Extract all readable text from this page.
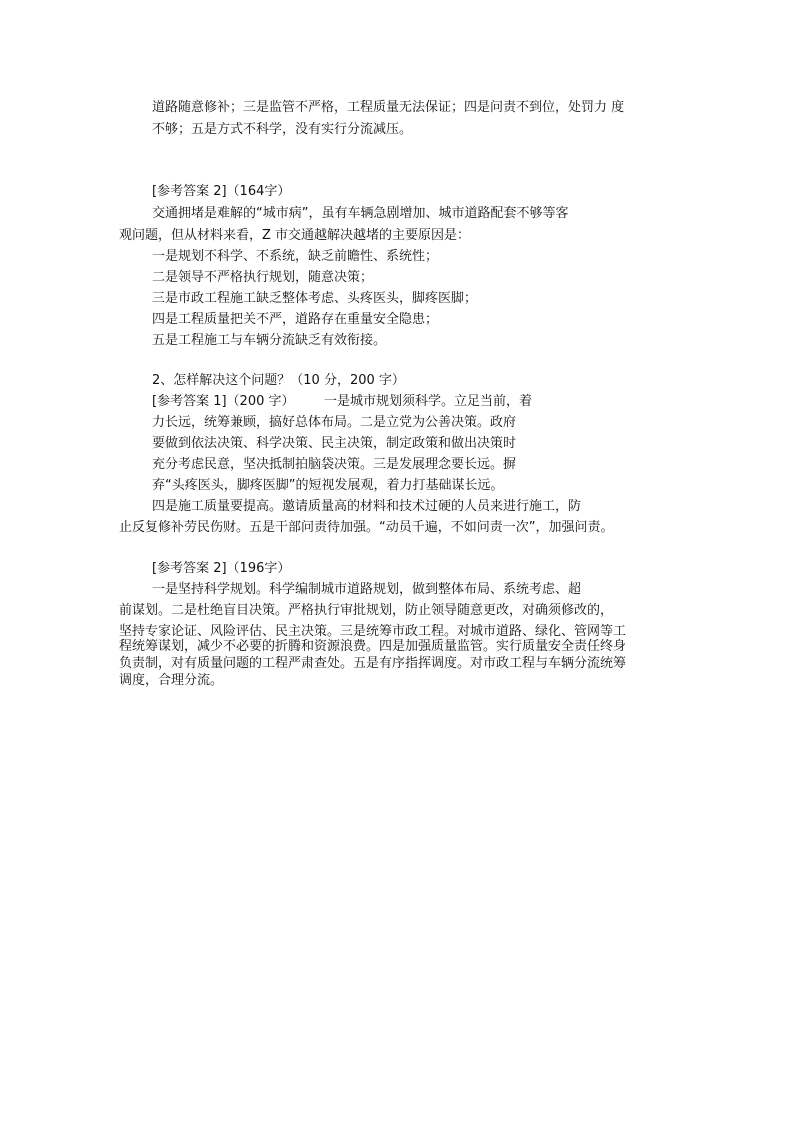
道路随意修补；三是监管不严格，工程质量无法保证；四是问责不到位，处罚力 度
不够；五是方式不科学，没有实行分流减压。
[参考答案 2]（164字）
交通拥堵是难解的“城市病”，虽有车辆急剧增加、城市道路配套不够等客
观问题，但从材料来看，Z 市交通越解决越堵的主要原因是：
一是规划不科学、不系统，缺乏前瞻性、系统性；
二是领导不严格执行规划，随意决策；
三是市政工程施工缺乏整体考虑、头疼医头，脚疼医脚；
四是工程质量把关不严，道路存在重量安全隐患；
五是工程施工与车辆分流缺乏有效衔接。
2、怎样解决这个问题？（10 分，200 字）
[参考答案 1]（200 字） 一是城市规划须科学。立足当前，着
力长远，统筹兼顾，搞好总体布局。二是立党为公善决策。政府
要做到依法决策、科学决策、民主决策，制定政策和做出决策时
充分考虑民意，坚决抵制拍脑袋决策。三是发展理念要长远。摒
弃“头疼医头，脚疼医脚”的短视发展观，着力打基础谋长远。
四是施工质量要提高。邀请质量高的材料和技术过硬的人员来进行施工，防
止反复修补劳民伤财。五是干部问责待加强。“动员千遍，不如问责一次”，加强问责。
[参考答案 2]（196字）
一是坚持科学规划。科学编制城市道路规划，做到整体布局、系统考虑、超
前谋划。二是杜绝盲目决策。严格执行审批规划，防止领导随意更改，对确须修改的，
坚持专家论证、风险评估、民主决策。三是统筹市政工程。对城市道路、绿化、管网等工
程统筹谋划，减少不必要的折腾和资源浪费。四是加强质量监管。实行质量安全责任终身
负责制，对有质量问题的工程严肃查处。五是有序指挥调度。对市政工程与车辆分流统筹
调度，合理分流。
